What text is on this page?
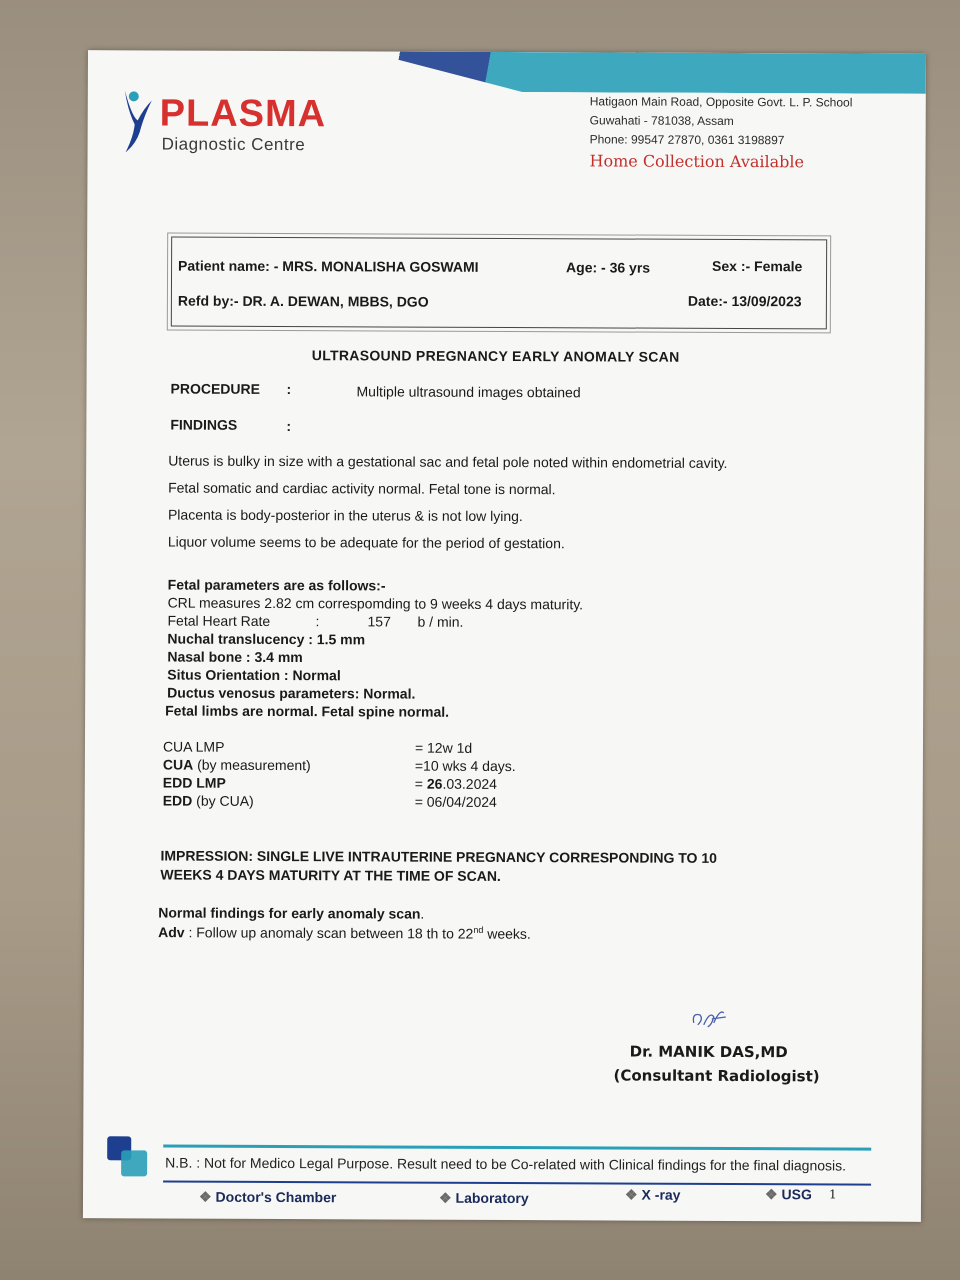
PLASMA
Diagnostic Centre
Hatigaon Main Road, Opposite Govt. L. P. School
Guwahati - 781038, Assam
Phone: 99547 27870, 0361 3198897
Home Collection Available
Patient name: - MRS. MONALISHA GOSWAMI	Age: - 36 yrs	Sex :- Female
Refd by:- DR. A. DEWAN, MBBS, DGO	Date:- 13/09/2023
ULTRASOUND PREGNANCY EARLY ANOMALY SCAN
PROCEDURE :	Multiple ultrasound images obtained
FINDINGS	:
Uterus is bulky in size with a gestational sac and fetal pole noted within endometrial cavity.
Fetal somatic and cardiac activity normal. Fetal tone is normal.
Placenta is body-posterior in the uterus & is not low lying.
Liquor volume seems to be adequate for the period of gestation.
Fetal parameters are as follows:-
CRL measures 2.82 cm correspomding to 9 weeks 4 days maturity.
Fetal Heart Rate	:	157 b / min.
Nuchal translucency : 1.5 mm
Nasal bone : 3.4 mm
Situs Orientation : Normal
Ductus venosus parameters: Normal.
Fetal limbs are normal. Fetal spine normal.
CUA LMP	= 12w 1d
CUA (by measurement)	=10 wks 4 days.
EDD LMP	= 26.03.2024
EDD (by CUA)	= 06/04/2024
IMPRESSION: SINGLE LIVE INTRAUTERINE PREGNANCY CORRESPONDING TO 10
WEEKS 4 DAYS MATURITY AT THE TIME OF SCAN.
Normal findings for early anomaly scan.
Adv : Follow up anomaly scan between 18 th to 22nd weeks.
Dr. MANIK DAS,MD
(Consultant Radiologist)
N.B. : Not for Medico Legal Purpose. Result need to be Co-related with Clinical findings for the final diagnosis.
❖ Doctor's Chamber	❖ Laboratory	❖ X -ray	❖ USG 1
